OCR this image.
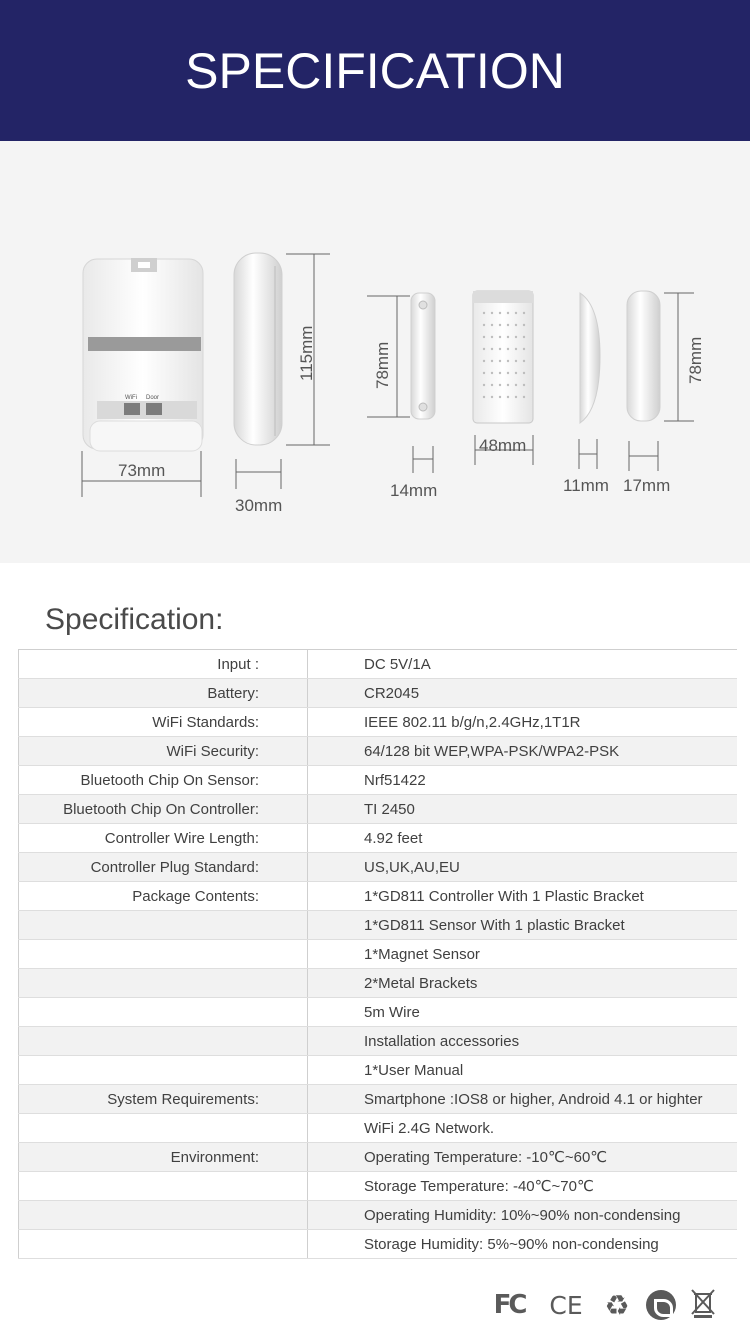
SPECIFICATION
WiFi Door
73mm
30mm
115mm	78mm
14mm
48mm
11mm 17mm
78mm
Specification:
Input :	DC 5V/1A
Battery:	CR2045
WiFi Standards:	IEEE 802.11 b/g/n,2.4GHz,1T1R
WiFi Security:	64/128 bit WEP,WPA-PSK/WPA2-PSK
Bluetooth Chip On Sensor:	Nrf51422
Bluetooth Chip On Controller:	TI 2450
Controller Wire Length:	4.92 feet
Controller Plug Standard:	US,UK,AU,EU
Package Contents:	1*GD811 Controller With 1 Plastic Bracket
	1*GD811 Sensor With 1 plastic Bracket
	1*Magnet Sensor
	2*Metal Brackets
	5m Wire
	Installation accessories
	1*User Manual
System Requirements:	Smartphone :IOS8 or higher, Android 4.1 or highter
	WiFi 2.4G Network.
Environment:	Operating Temperature: -10℃~60℃
	Storage Temperature: -40℃~70℃
	Operating Humidity: 10%~90% non-condensing
	Storage Humidity: 5%~90% non-condensing
FC CE ♻
